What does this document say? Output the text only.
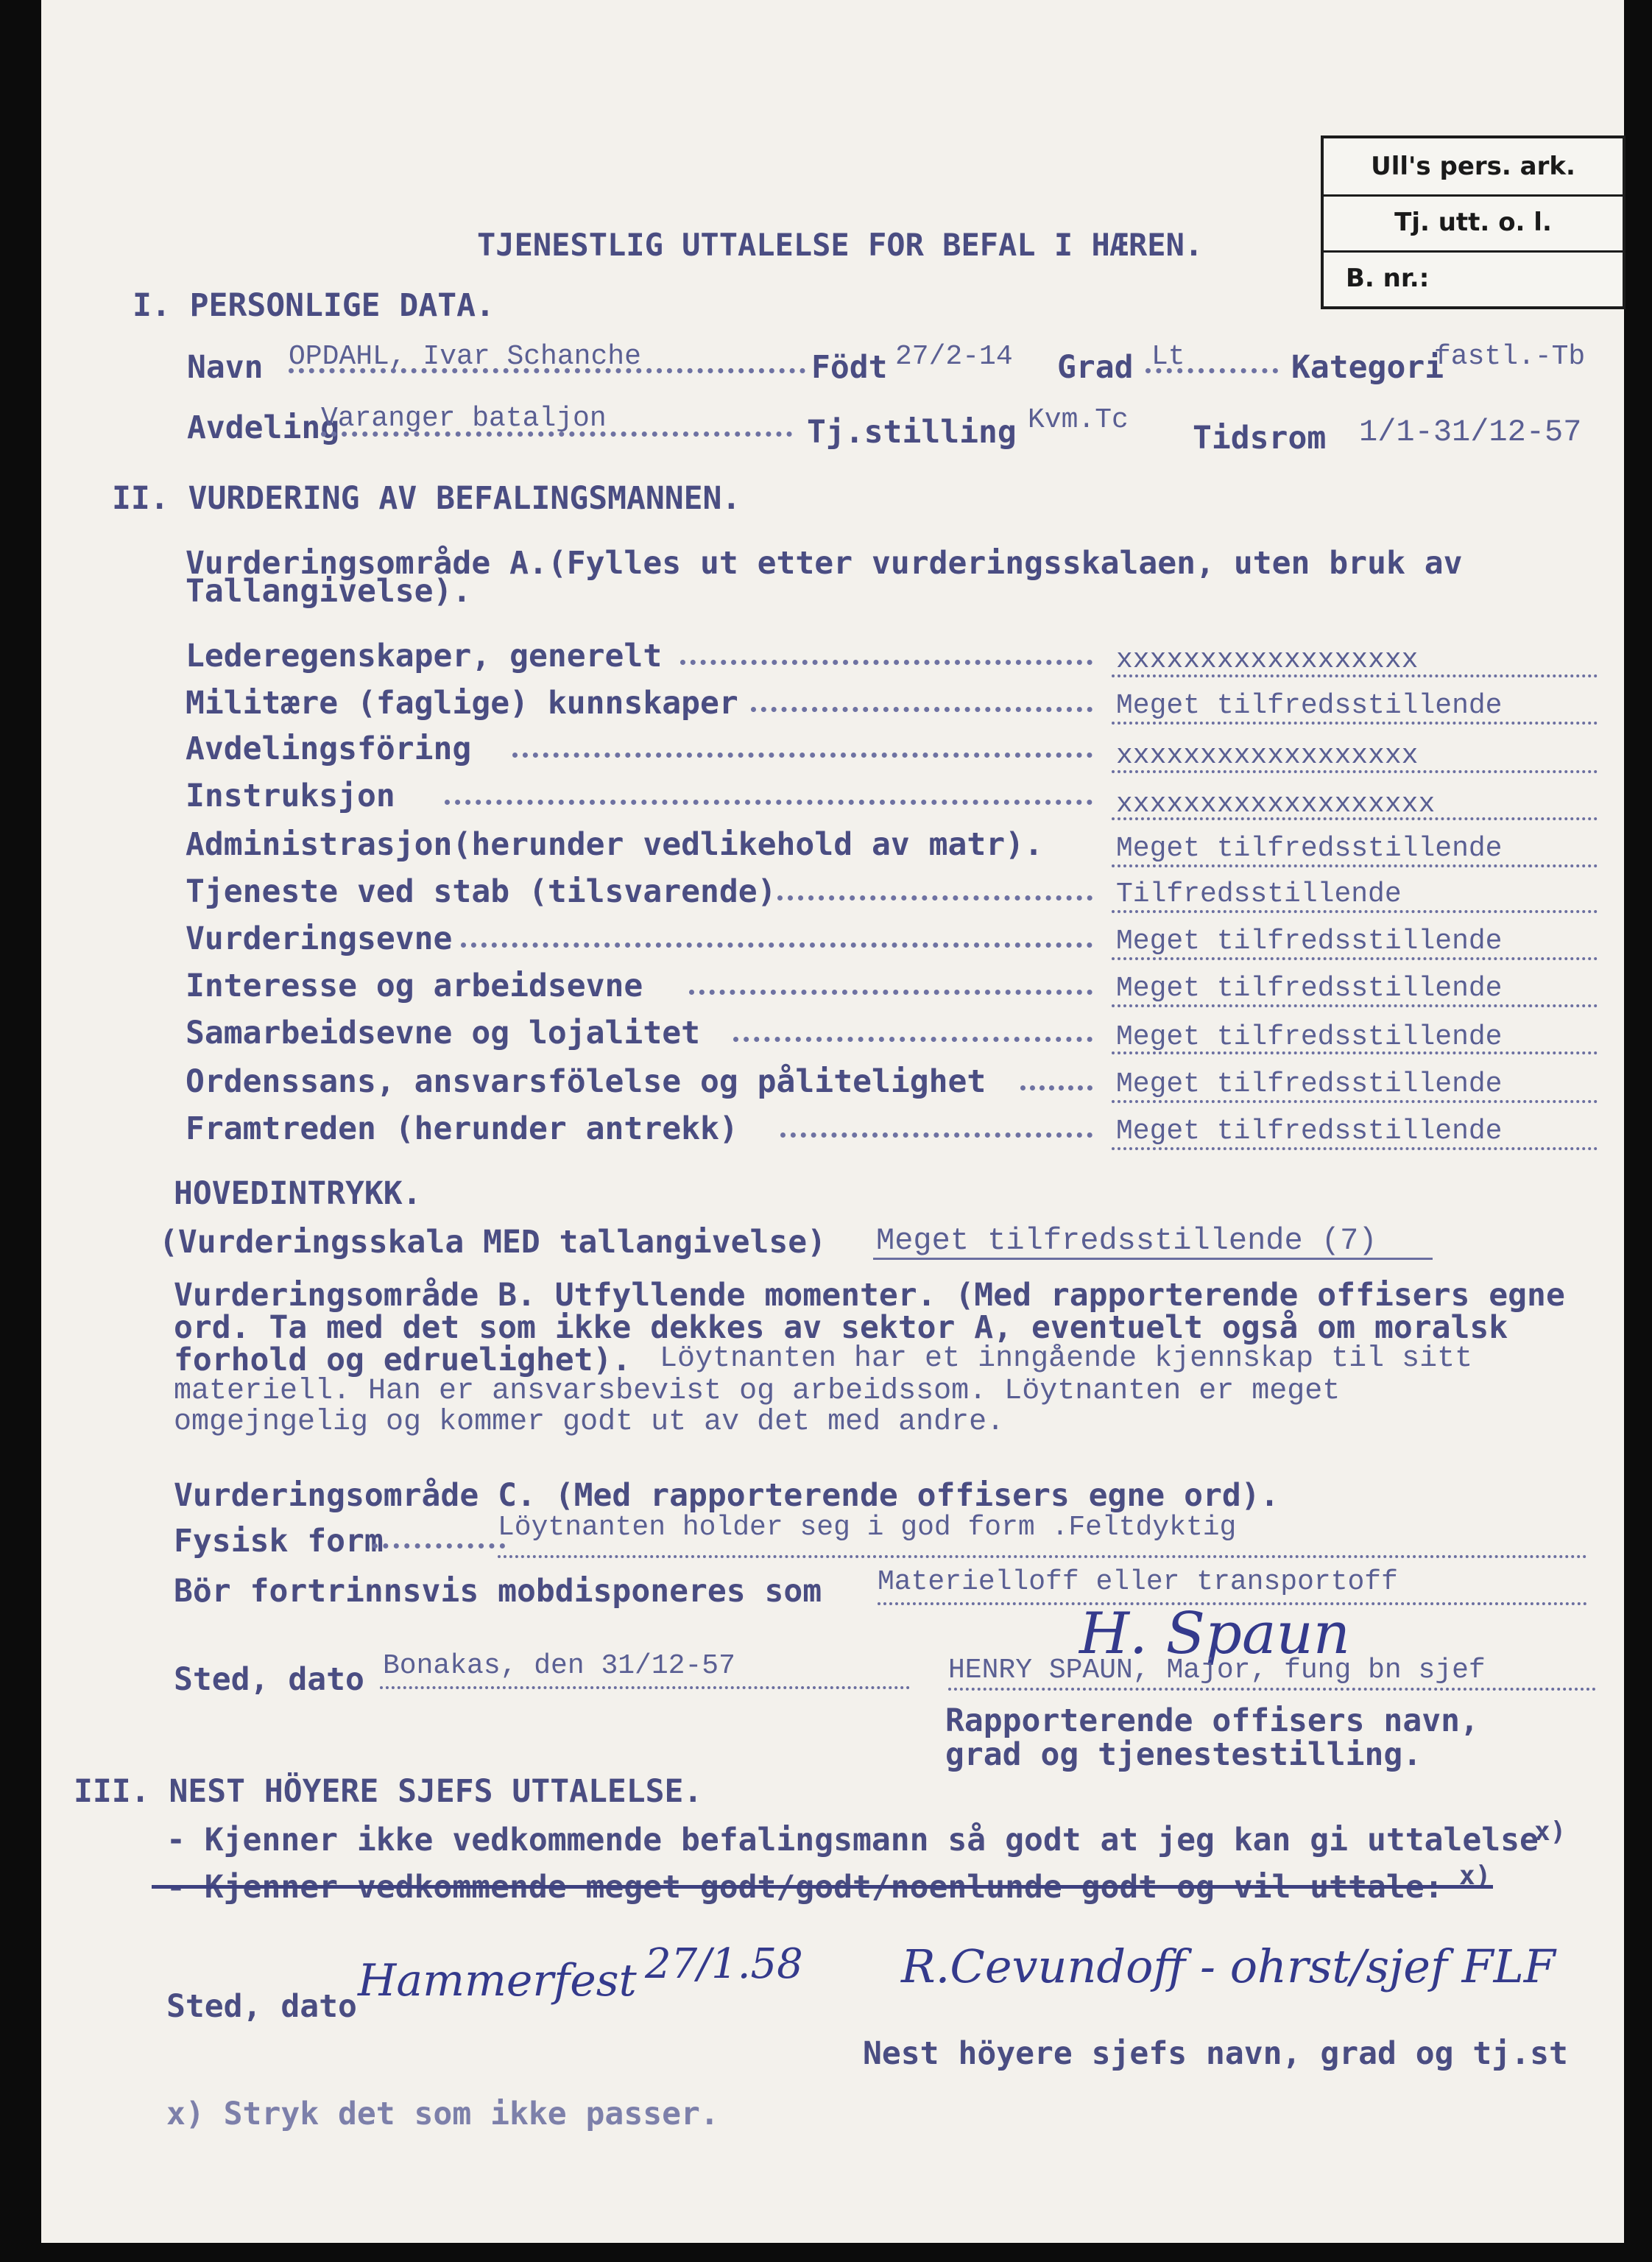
Ull's pers. ark.
Tj. utt. o. l.
B. nr.:
TJENESTLIG UTTALELSE FOR BEFAL I HÆREN.
I. PERSONLIGE DATA.
Navn OPDAHL, Ivar Schanche	Födt 27/2-14 Grad Lt	Kategori
fastl.-Tb
Avdeling
Varanger bataljon	Tj.stilling Kvm.Tc Tidsrom 1/1-31/12-57
II. VURDERING AV BEFALINGSMANNEN.
Vurderingsområde A.(Fylles ut etter vurderingsskalaen, uten bruk av
Tallangivelse).
Lederegenskaper, generelt	xxxxxxxxxxxxxxxxxx
Militære (faglige) kunnskaper	Meget tilfredsstillende
Avdelingsföring	xxxxxxxxxxxxxxxxxx
Instruksjon	xxxxxxxxxxxxxxxxxxx
Administrasjon(herunder vedlikehold av matr).	Meget tilfredsstillende
Tjeneste ved stab (tilsvarende)	Tilfredsstillende
Vurderingsevne	Meget tilfredsstillende
Interesse og arbeidsevne	Meget tilfredsstillende
Samarbeidsevne og lojalitet	Meget tilfredsstillende
Ordenssans, ansvarsfölelse og pålitelighet	Meget tilfredsstillende
Framtreden (herunder antrekk)	Meget tilfredsstillende
HOVEDINTRYKK.
(Vurderingsskala MED tallangivelse) Meget tilfredsstillende (7)
Vurderingsområde B. Utfyllende momenter. (Med rapporterende offisers egne
ord. Ta med det som ikke dekkes av sektor A, eventuelt også om moralsk
forhold og edruelighet). Löytnanten har et inngående kjennskap til sitt
materiell. Han er ansvarsbevist og arbeidssom. Löytnanten er meget
omgejngelig og kommer godt ut av det med andre.
Vurderingsområde C. (Med rapporterende offisers egne ord).
Fysisk form	Löytnanten holder seg i god form .Feltdyktig
Bör fortrinnsvis mobdisponeres som Materielloff eller transportoff
Sted, dato Bonakas, den 31/12-57	H. Spaun
HENRY SPAUN, Major, fung bn sjef
Rapporterende offisers navn,
grad og tjenestestilling.
III. NEST HÖYERE SJEFS UTTALELSE.
- Kjenner ikke vedkommende befalingsmann så godt at jeg kan gi uttalelse
x)
- Kjenner vedkommende meget godt/godt/noenlunde godt og vil uttale: x)
Sted, dato Hammerfest 27/1.58 R.Cevundoff - ohrst/sjef FLF
Nest höyere sjefs navn, grad og tj.st
x) Stryk det som ikke passer.
